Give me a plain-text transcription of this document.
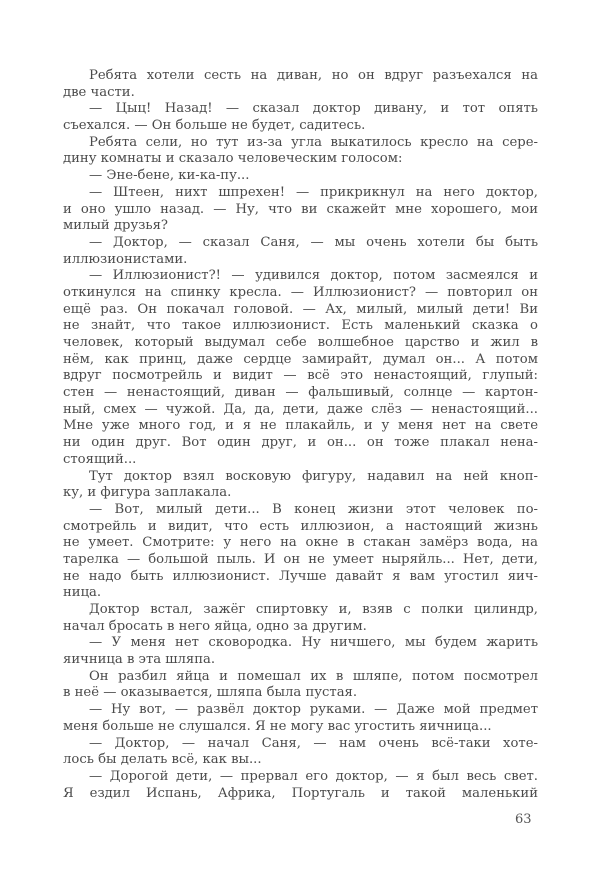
Ребята хотели сесть на диван, но он вдруг разъехался на
две части.
— Цыц! Назад! — сказал доктор дивану, и тот опять
съехался. — Он больше не будет, садитесь.
Ребята сели, но тут из-за угла выкатилось кресло на сере-
дину комнаты и сказало человеческим голосом:
— Эне-бене, ки-ка-пу...
— Штеен, нихт шпрехен! — прикрикнул на него доктор,
и оно ушло назад. — Ну, что ви скажейт мне хорошего, мои
милый друзья?
— Доктор, — сказал Саня, — мы очень хотели бы быть
иллюзионистами.
— Иллюзионист?! — удивился доктор, потом засмеялся и
откинулся на спинку кресла. — Иллюзионист? — повторил он
ещё раз. Он покачал головой. — Ах, милый, милый дети! Ви
не знайт, что такое иллюзионист. Есть маленький сказка о
человек, который выдумал себе волшебное царство и жил в
нём, как принц, даже сердце замирайт, думал он... А потом
вдруг посмотрейль и видит — всё это ненастоящий, глупый:
стен — ненастоящий, диван — фальшивый, солнце — картон-
ный, смех — чужой. Да, да, дети, даже слёз — ненастоящий...
Мне уже много год, и я не плакайль, и у меня нет на свете
ни один друг. Вот один друг, и он... он тоже плакал нена-
стоящий...
Тут доктор взял восковую фигуру, надавил на ней кноп-
ку, и фигура заплакала.
— Вот, милый дети... В конец жизни этот человек по-
смотрейль и видит, что есть иллюзион, а настоящий жизнь
не умеет. Смотрите: у него на окне в стакан замёрз вода, на
тарелка — большой пыль. И он не умеет ныряйль... Нет, дети,
не надо быть иллюзионист. Лучше давайт я вам угостил яич-
ница.
Доктор встал, зажёг спиртовку и, взяв с полки цилиндр,
начал бросать в него яйца, одно за другим.
— У меня нет сковородка. Ну ничшего, мы будем жарить
яичница в эта шляпа.
Он разбил яйца и помешал их в шляпе, потом посмотрел
в неё — оказывается, шляпа была пустая.
— Ну вот, — развёл доктор руками. — Даже мой предмет
меня больше не слушался. Я не могу вас угостить яичница...
— Доктор, — начал Саня, — нам очень всё-таки хоте-
лось бы делать всё, как вы...
— Дорогой дети, — прервал его доктор, — я был весь свет.
Я ездил Испань, Африка, Португаль и такой маленький
63
